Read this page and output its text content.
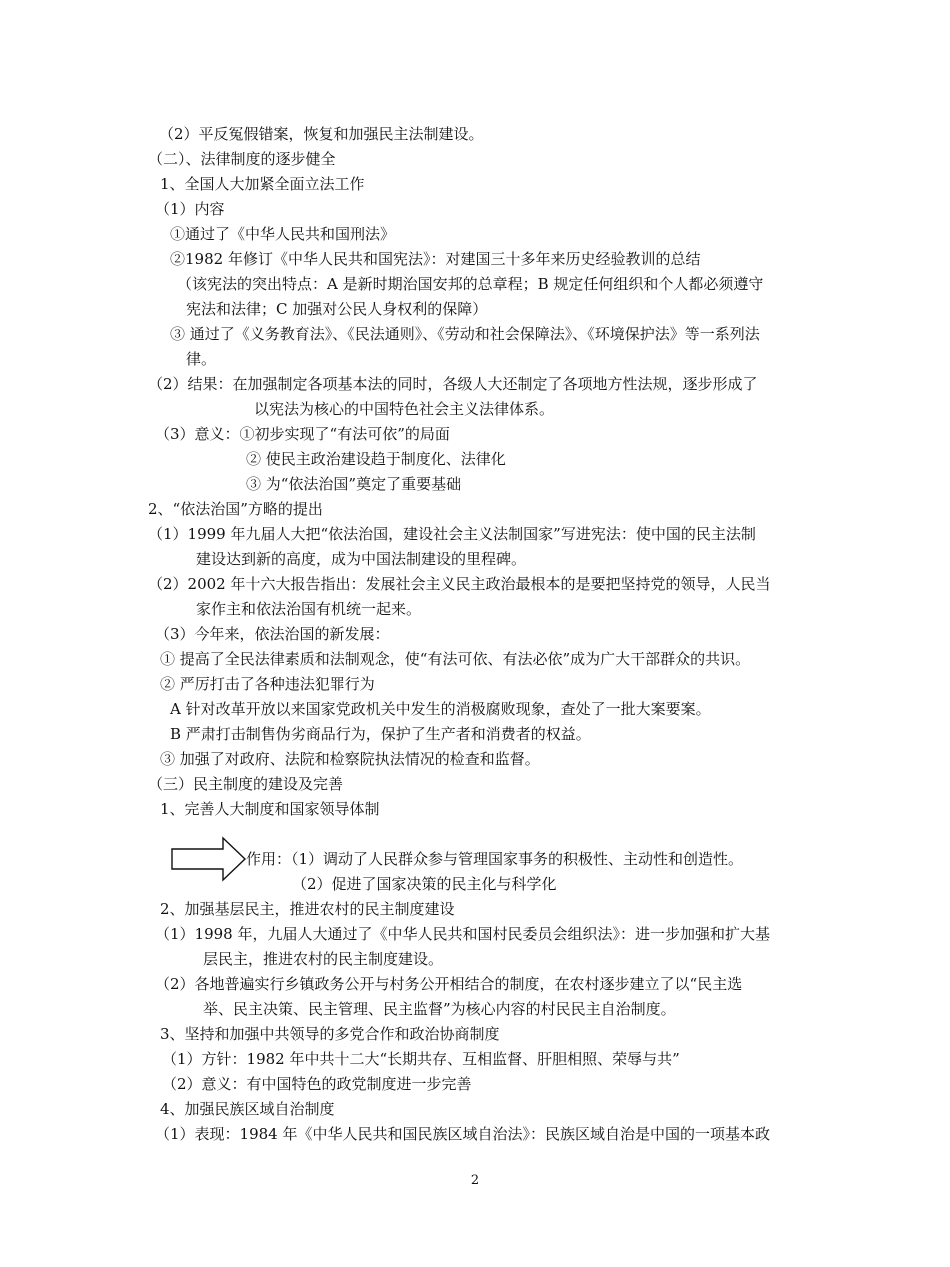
（2）平反冤假错案，恢复和加强民主法制建设。
（二）、法律制度的逐步健全
1、全国人大加紧全面立法工作
（1）内容
①通过了《中华人民共和国刑法》
②1982 年修订《中华人民共和国宪法》：对建国三十多年来历史经验教训的总结
（该宪法的突出特点：A 是新时期治国安邦的总章程；B 规定任何组织和个人都必须遵守
宪法和法律；C 加强对公民人身权利的保障）
③ 通过了《义务教育法》、《民法通则》、《劳动和社会保障法》、《环境保护法》等一系列法
律。
（2）结果：在加强制定各项基本法的同时，各级人大还制定了各项地方性法规，逐步形成了
以宪法为核心的中国特色社会主义法律体系。
（3）意义：①初步实现了“有法可依”的局面
② 使民主政治建设趋于制度化、法律化
③ 为“依法治国”奠定了重要基础
2、“依法治国”方略的提出
（1）1999 年九届人大把“依法治国，建设社会主义法制国家”写进宪法：使中国的民主法制
建设达到新的高度，成为中国法制建设的里程碑。
（2）2002 年十六大报告指出：发展社会主义民主政治最根本的是要把坚持党的领导，人民当
家作主和依法治国有机统一起来。
（3）今年来，依法治国的新发展：
① 提高了全民法律素质和法制观念，使“有法可依、有法必依”成为广大干部群众的共识。
② 严厉打击了各种违法犯罪行为
A 针对改革开放以来国家党政机关中发生的消极腐败现象，查处了一批大案要案。
B 严肃打击制售伪劣商品行为，保护了生产者和消费者的权益。
③ 加强了对政府、法院和检察院执法情况的检查和监督。
（三）民主制度的建设及完善
1、完善人大制度和国家领导体制
作用：（1）调动了人民群众参与管理国家事务的积极性、主动性和创造性。
（2）促进了国家决策的民主化与科学化
2、加强基层民主，推进农村的民主制度建设
（1）1998 年，九届人大通过了《中华人民共和国村民委员会组织法》：进一步加强和扩大基
层民主，推进农村的民主制度建设。
（2）各地普遍实行乡镇政务公开与村务公开相结合的制度，在农村逐步建立了以“民主选
举、民主决策、民主管理、民主监督”为核心内容的村民民主自治制度。
3、坚持和加强中共领导的多党合作和政治协商制度
（1）方针：1982 年中共十二大“长期共存、互相监督、肝胆相照、荣辱与共”
（2）意义：有中国特色的政党制度进一步完善
4、加强民族区域自治制度
（1）表现：1984 年《中华人民共和国民族区域自治法》：民族区域自治是中国的一项基本政
2
